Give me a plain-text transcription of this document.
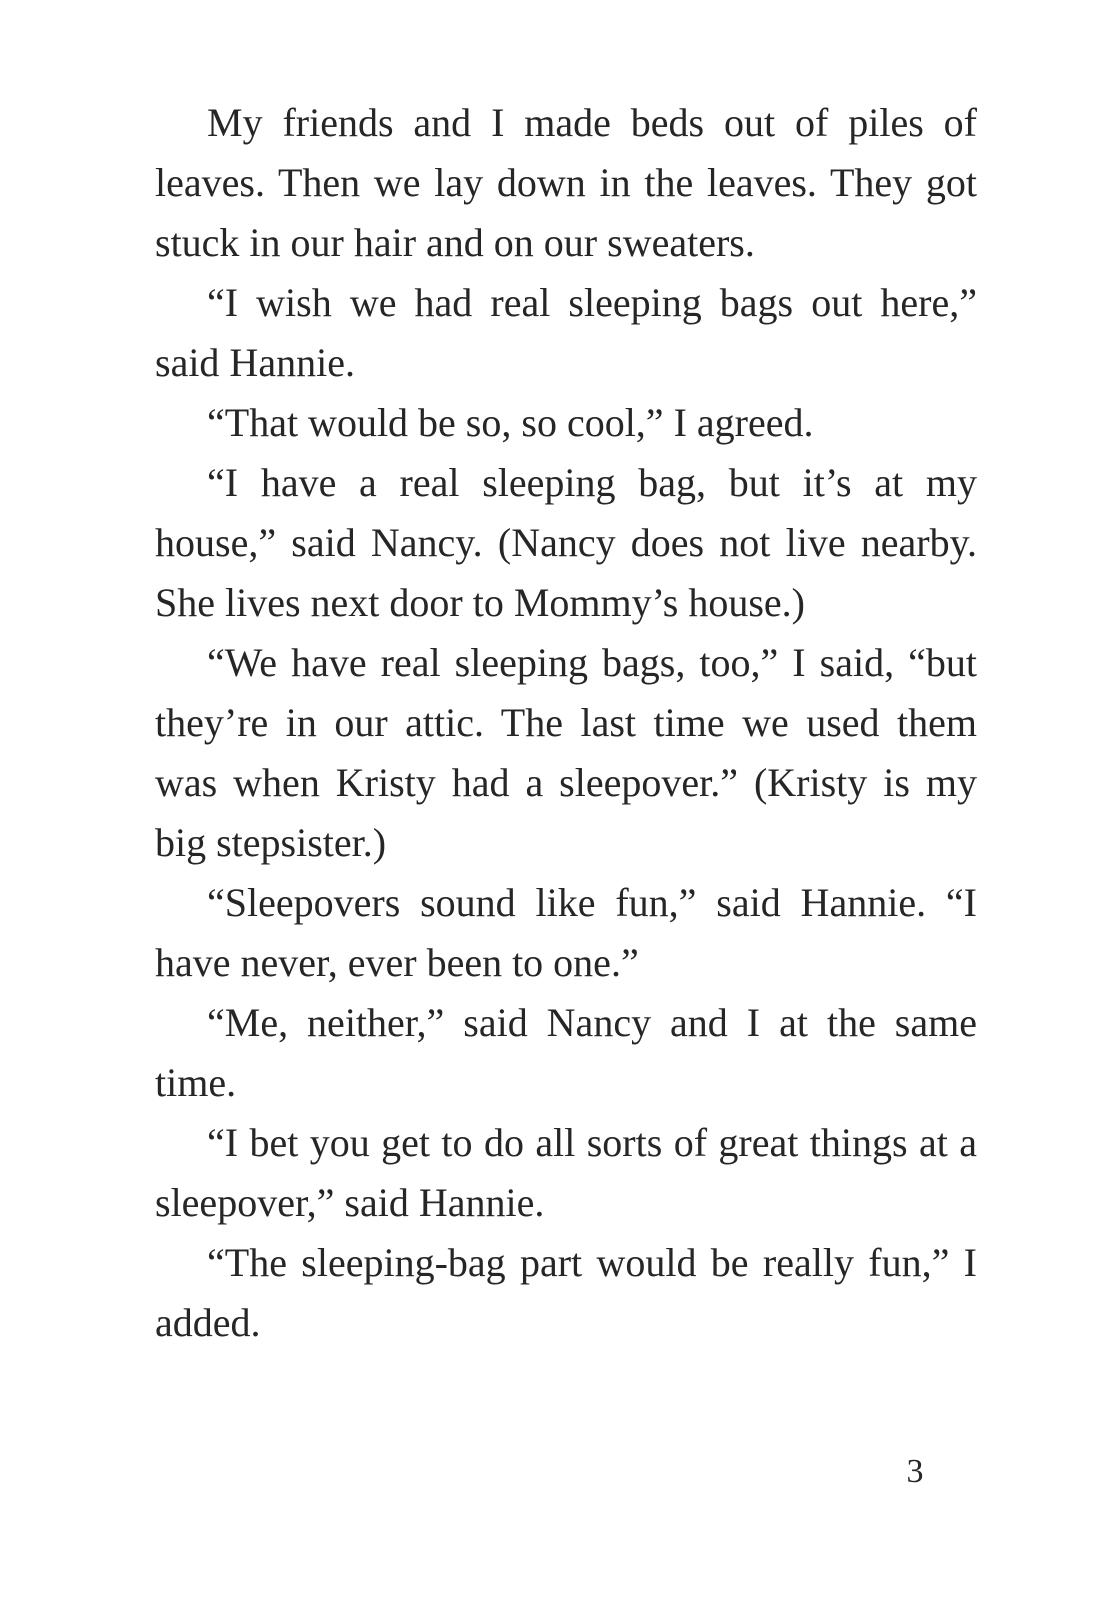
My friends and I made beds out of piles of leaves. Then we lay down in the leaves. They got stuck in our hair and on our sweaters.

“I wish we had real sleeping bags out here,” said Hannie.

“That would be so, so cool,” I agreed.

“I have a real sleeping bag, but it’s at my house,” said Nancy. (Nancy does not live nearby. She lives next door to Mommy’s house.)

“We have real sleeping bags, too,” I said, “but they’re in our attic. The last time we used them was when Kristy had a sleepover.” (Kristy is my big stepsister.)

“Sleepovers sound like fun,” said Hannie. “I have never, ever been to one.”

“Me, neither,” said Nancy and I at the same time.

“I bet you get to do all sorts of great things at a sleepover,” said Hannie.

“The sleeping-bag part would be really fun,” I added.

3
